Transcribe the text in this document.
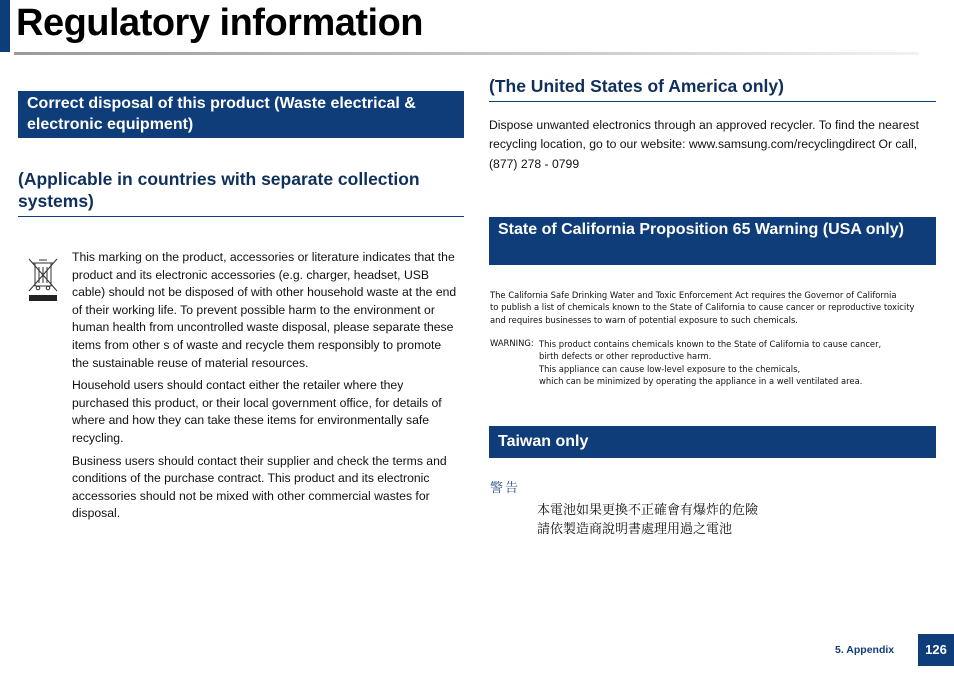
Regulatory information
Correct disposal of this product (Waste electrical & electronic equipment)
(Applicable in countries with separate collection systems)

This marking on the product, accessories or literature indicates that the product and its electronic accessories (e.g. charger, headset, USB cable) should not be disposed of with other household waste at the end of their working life. To prevent possible harm to the environment or human health from uncontrolled waste disposal, please separate these items from other s of waste and recycle them responsibly to promote the sustainable reuse of material resources.

Household users should contact either the retailer where they purchased this product, or their local government office, for details of where and how they can take these items for environmentally safe recycling.

Business users should contact their supplier and check the terms and conditions of the purchase contract. This product and its electronic accessories should not be mixed with other commercial wastes for disposal.

(The United States of America only)
Dispose unwanted electronics through an approved recycler. To find the nearest recycling location, go to our website: www.samsung.com/recyclingdirect Or call, (877) 278 - 0799
State of California Proposition 65 Warning (USA only)
The California Safe Drinking Water and Toxic Enforcement Act requires the Governor of California
to publish a list of chemicals known to the State of California to cause cancer or reproductive toxicity
and requires businesses to warn of potential exposure to such chemicals.
WARNING: This product contains chemicals known to the State of California to cause cancer,
birth defects or other reproductive harm.
This appliance can cause low-level exposure to the chemicals,
which can be minimized by operating the appliance in a well ventilated area.
Taiwan only
警告
本電池如果更換不正確會有爆炸的危險
請依製造商說明書處理用過之電池
5. Appendix	126
